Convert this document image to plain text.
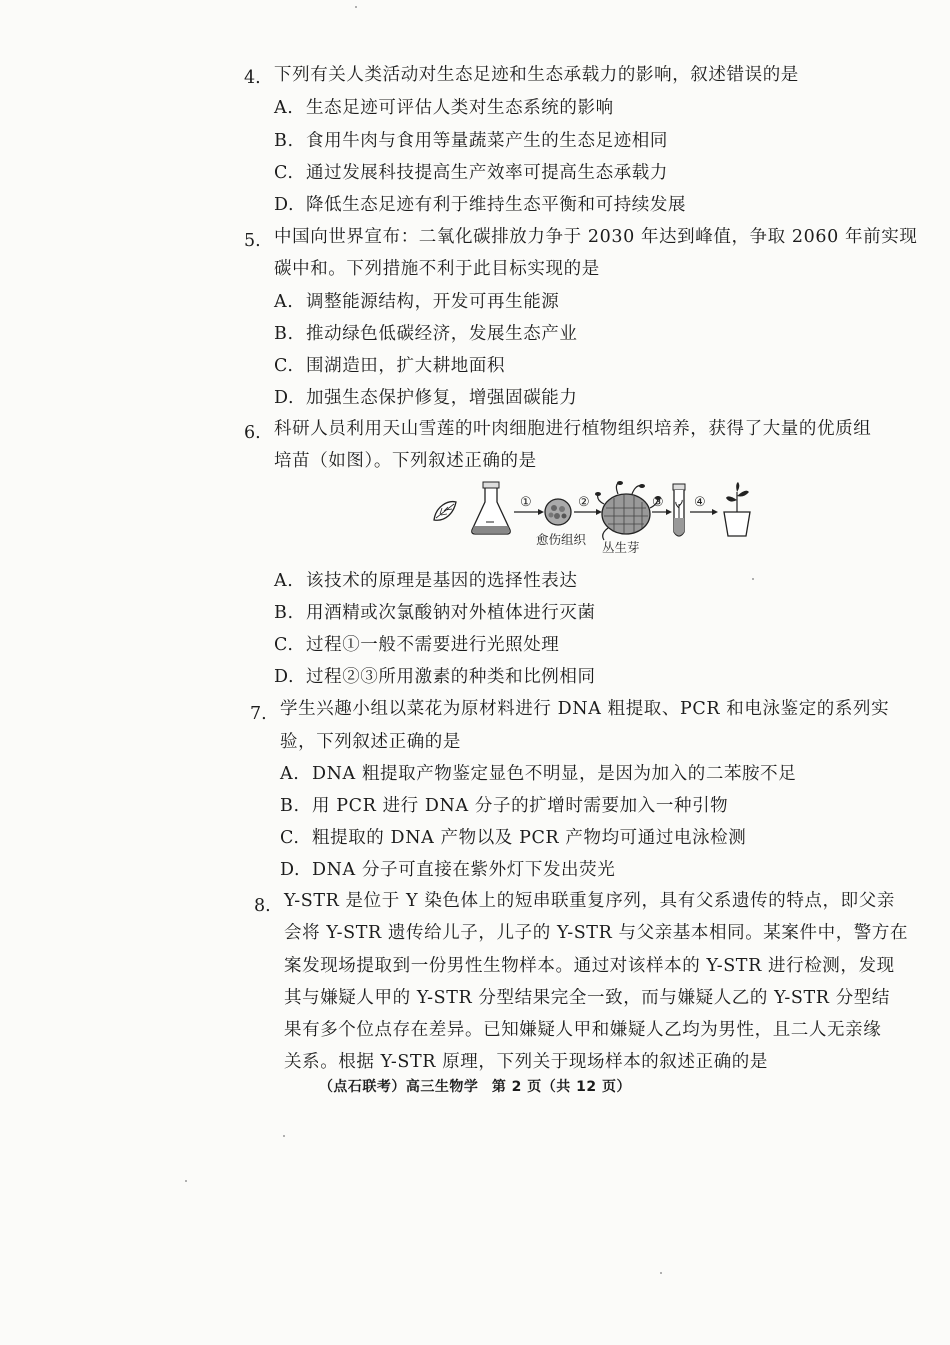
4. 下列有关人类活动对生态足迹和生态承载力的影响，叙述错误的是
A. 生态足迹可评估人类对生态系统的影响
B. 食用牛肉与食用等量蔬菜产生的生态足迹相同
C. 通过发展科技提高生产效率可提高生态承载力
D. 降低生态足迹有利于维持生态平衡和可持续发展
5. 中国向世界宣布：二氧化碳排放力争于 2030 年达到峰值，争取 2060 年前实现
碳中和。下列措施不利于此目标实现的是
A. 调整能源结构，开发可再生能源
B. 推动绿色低碳经济，发展生态产业
C. 围湖造田，扩大耕地面积
D. 加强生态保护修复，增强固碳能力
6. 科研人员利用天山雪莲的叶肉细胞进行植物组织培养，获得了大量的优质组
培苗（如图）。下列叙述正确的是
①
愈伤组织
②
丛生芽
③ ④
A. 该技术的原理是基因的选择性表达
B. 用酒精或次氯酸钠对外植体进行灭菌
C. 过程①一般不需要进行光照处理
D. 过程②③所用激素的种类和比例相同
7. 学生兴趣小组以菜花为原材料进行 DNA 粗提取、PCR 和电泳鉴定的系列实
验，下列叙述正确的是
A. DNA 粗提取产物鉴定显色不明显，是因为加入的二苯胺不足
B. 用 PCR 进行 DNA 分子的扩增时需要加入一种引物
C. 粗提取的 DNA 产物以及 PCR 产物均可通过电泳检测
D. DNA 分子可直接在紫外灯下发出荧光
8. Y-STR 是位于 Y 染色体上的短串联重复序列，具有父系遗传的特点，即父亲
会将 Y-STR 遗传给儿子，儿子的 Y-STR 与父亲基本相同。某案件中，警方在
案发现场提取到一份男性生物样本。通过对该样本的 Y-STR 进行检测，发现
其与嫌疑人甲的 Y-STR 分型结果完全一致，而与嫌疑人乙的 Y-STR 分型结
果有多个位点存在差异。已知嫌疑人甲和嫌疑人乙均为男性，且二人无亲缘
关系。根据 Y-STR 原理，下列关于现场样本的叙述正确的是
（点石联考）高三生物学 第 2 页（共 12 页）
